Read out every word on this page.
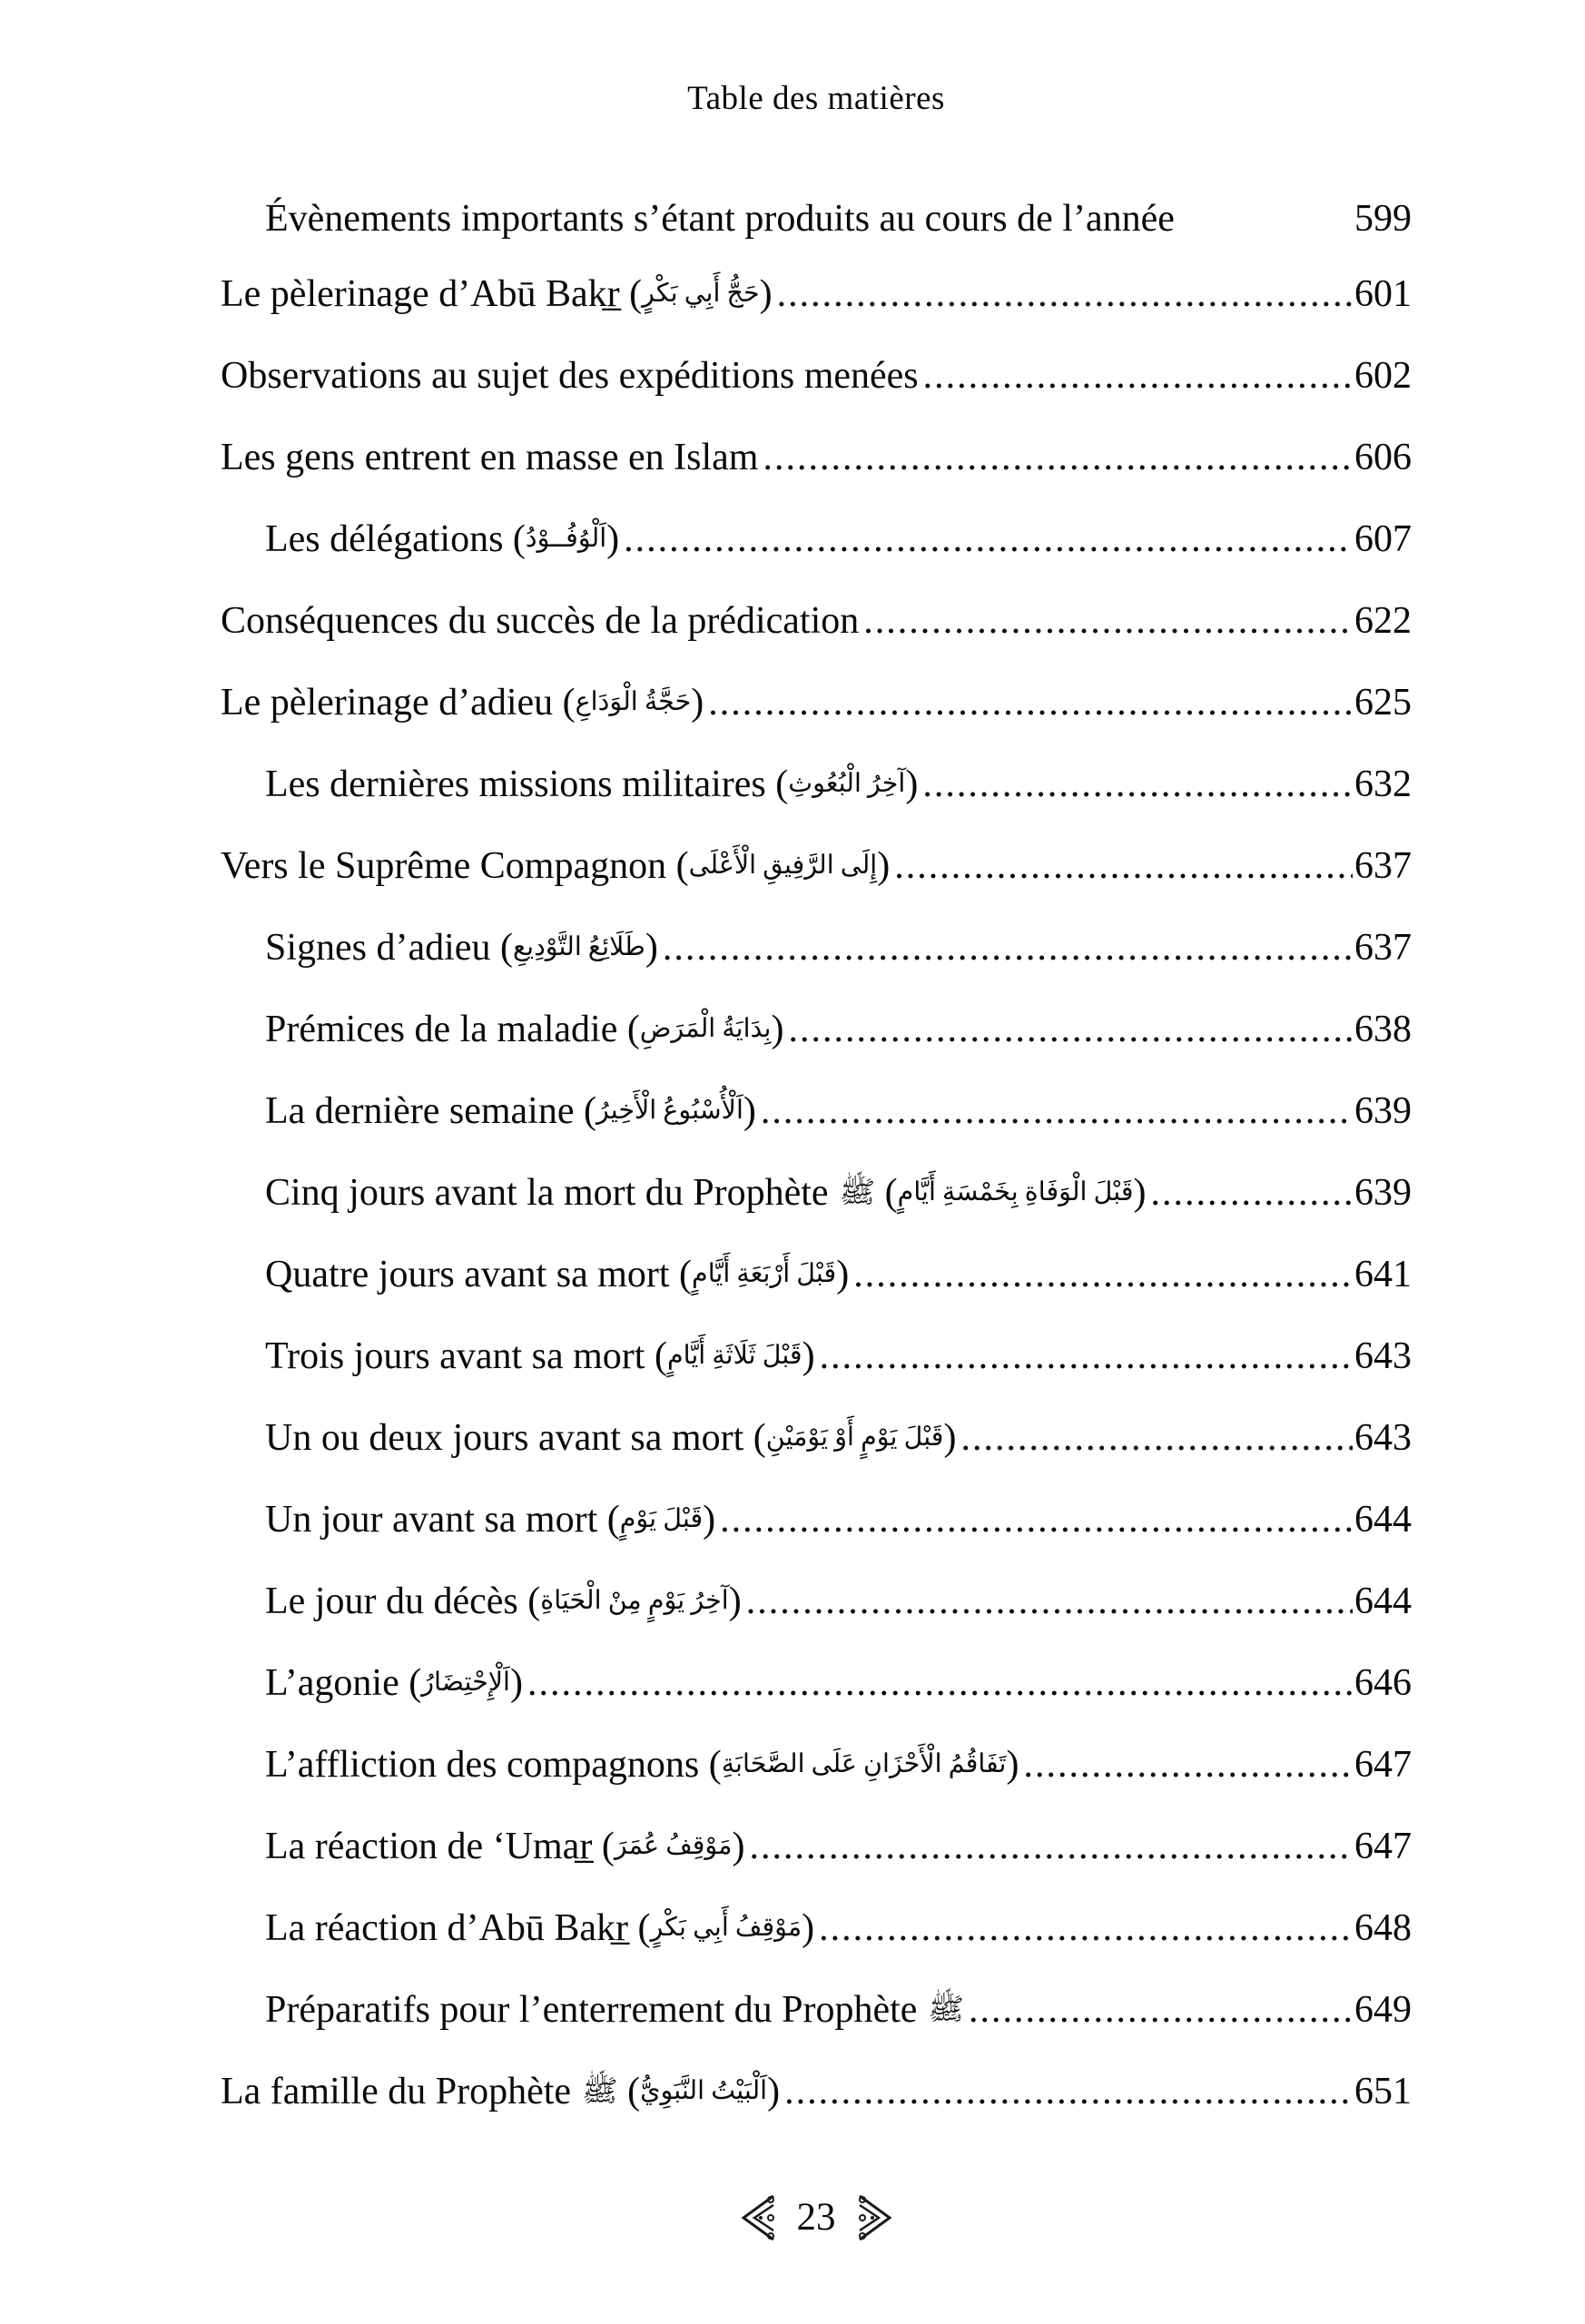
Table des matières
Évènements importants s’étant produits au cours de l’année	599
Le pèlerinage d’Abū Bakr̲ ( حَجُّ أَبِي بَكْرٍ ) .....	601
Observations au sujet des expéditions menées .....	602
Les gens entrent en masse en Islam .....	606
Les délégations ( اَلْوُفُــوْدُ ) .....	607
Conséquences du succès de la prédication .....	622
Le pèlerinage d’adieu ( حَجَّةُ الْوَدَاعِ ) .....	625
Les dernières missions militaires ( آخِرُ الْبُعُوثِ ) .....	632
Vers le Suprême Compagnon ( إِلَى الرَّفِيقِ الْأَعْلَى ) .....	637
Signes d’adieu ( طَلَائِعُ التَّوْدِيعِ ) .....	637
Prémices de la maladie ( بِدَايَةُ الْمَرَضِ ) .....	638
La dernière semaine ( اَلْأُسْبُوعُ الْأَخِيرُ ) .....	639
Cinq jours avant la mort du Prophète ﷺ ( قَبْلَ الْوَفَاةِ بِخَمْسَةِ أَيَّامٍ ) .....	639
Quatre jours avant sa mort ( قَبْلَ أَرْبَعَةِ أَيَّامٍ ) .....	641
Trois jours avant sa mort ( قَبْلَ ثَلَاثَةِ أَيَّامٍ ) .....	643
Un ou deux jours avant sa mort ( قَبْلَ يَوْمٍ أَوْ يَوْمَيْنِ ) .....	643
Un jour avant sa mort ( قَبْلَ يَوْمٍ ) .....	644
Le jour du décès ( آخِرُ يَوْمٍ مِنْ الْحَيَاةِ ) .....	644
L’agonie ( اَلْإِحْتِضَارُ ) .....	646
L’affliction des compagnons ( تَفَاقُمُ الْأَحْزَانِ عَلَى الصَّحَابَةِ ) .....	647
La réaction de ‘Umar̲ ( مَوْقِفُ عُمَرَ ) .....	647
La réaction d’Abū Bakr̲ ( مَوْقِفُ أَبِي بَكْرٍ ) .....	648
Préparatifs pour l’enterrement du Prophète ﷺ .....	649
La famille du Prophète ﷺ ( اَلْبَيْتُ النَّبَوِيُّ ) .....	651
23
